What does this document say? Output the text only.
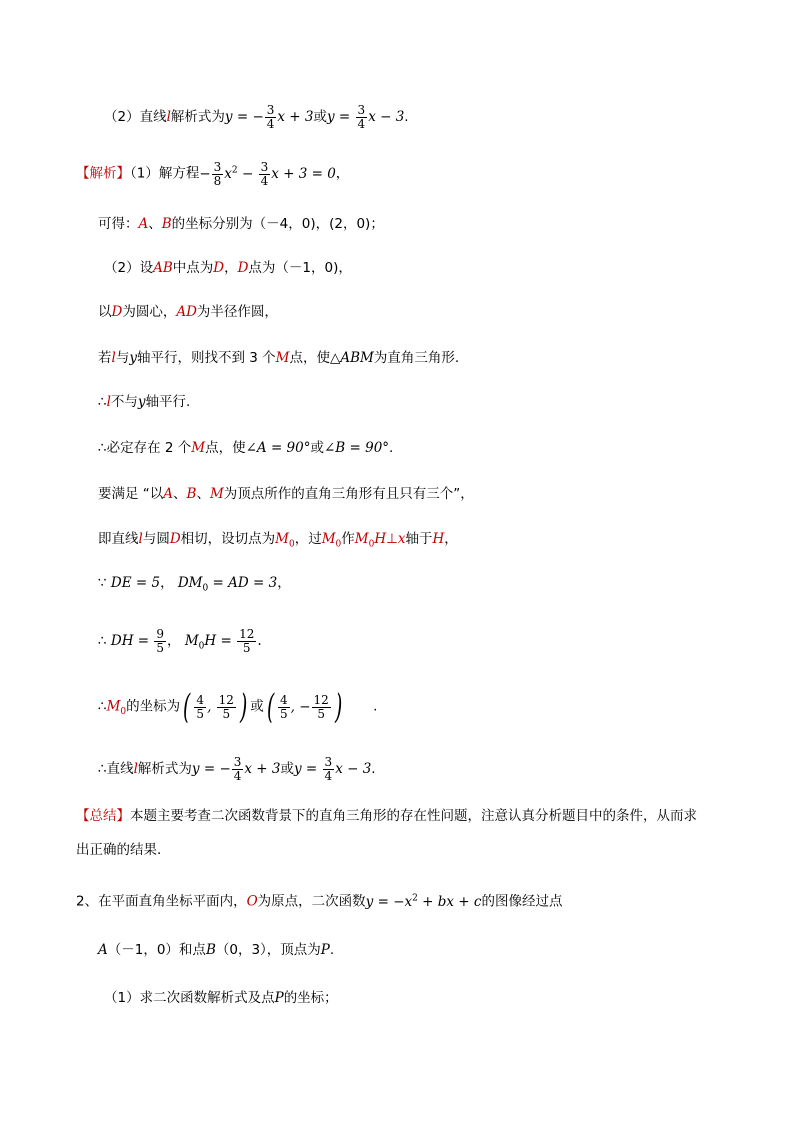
（2）直线l解析式为y = − $\frac{3}{4}$ x + 3或$y = \frac{3}{4}$ x − 3.
【解析】（1）解方程− $\frac{3}{8} x^2 - \frac{3}{4}$ x + 3 = 0，
可得：A、B的坐标分别为（－4，0)，(2，0)；
（2）设AB中点为D，D点为（－1，0)，
以D为圆心，AD为半径作圆，
若l与y轴平行，则找不到 3 个M点，使△ABM为直角三角形.
∴l不与y轴平行.
∴必定存在 2 个M点，使∠A = 90°或∠B = 90°.
要满足 “以A、B、M为顶点所作的直角三角形有且只有三个”，
即直线l与圆D相切，设切点为$M_0$，过$M_0$作$M_0H\perp x$轴于H，
∵ DE = 5， $DM_0$ = AD = 3，
∴ DH = $\frac{9}{5}$ ， $M_0H = \frac{12}{5}$ .
$\therefore M_0$的坐标为( $\frac{4}{5}$ , $\frac{12}{5}$ ) 或( $\frac{4}{5}$ , − $\frac{12}{5}$ ) .
∴直线l解析式为y = − $\frac{3}{4}$ x + 3或$y = \frac{3}{4}$ x − 3.
【总结】本题主要考查二次函数背景下的直角三角形的存在性问题，注意认真分析题目中的条件，从而求
出正确的结果.
2、在平面直角坐标平面内，O为原点，二次函数$y = -x^2$ + bx + c的图像经过点
A（－1，0）和点B（0，3），顶点为P.
（1）求二次函数解析式及点P的坐标；
